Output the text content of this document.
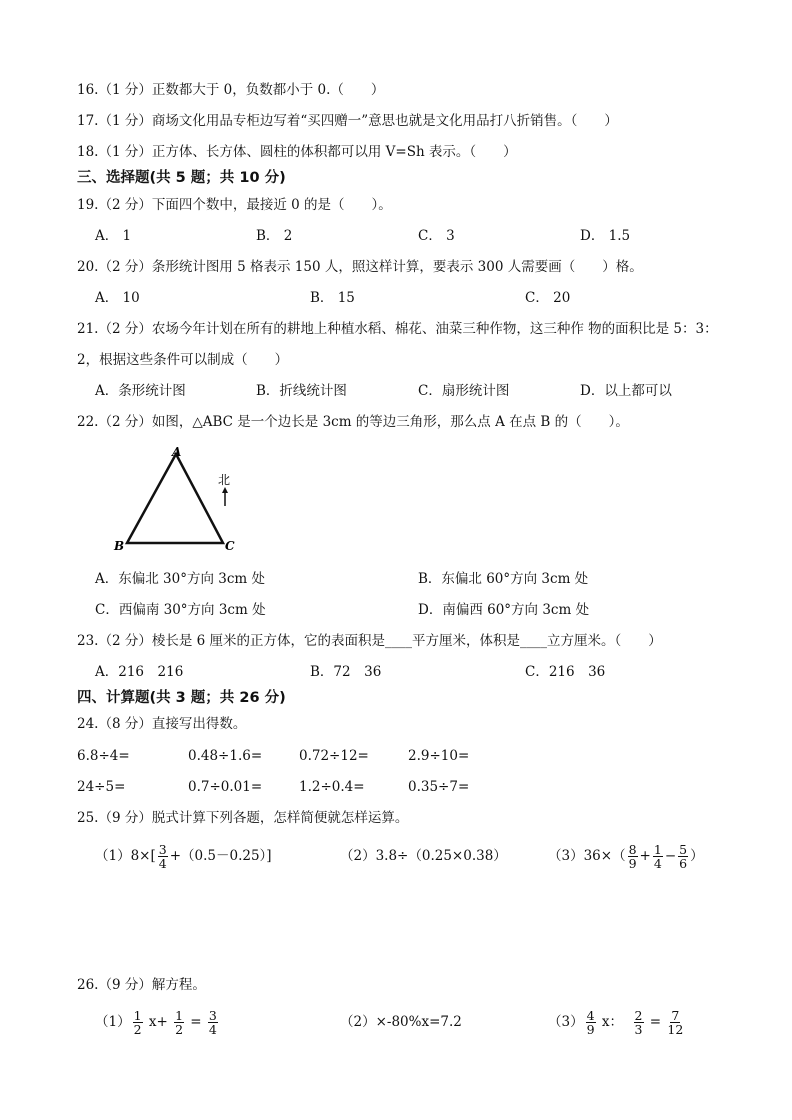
16.（1 分）正数都大于 0，负数都小于 0.（　　）
17.（1 分）商场文化用品专柜边写着“买四赠一”意思也就是文化用品打八折销售。（　　）
18.（1 分）正方体、长方体、圆柱的体积都可以用 V=Sh 表示。（　　）
三、选择题(共 5 题；共 10 分)
19.（2 分）下面四个数中，最接近 0 的是（　　）。
A． 1	B． 2	C． 3	D． 1.5
20.（2 分）条形统计图用 5 格表示 150 人，照这样计算，要表示 300 人需要画（　　）格。
A． 10	B． 15	C． 20
21.（2 分）农场今年计划在所有的耕地上种植水稻、棉花、油菜三种作物，这三种作 物的面积比是 5：3：
2，根据这些条件可以制成（　　）
A．条形统计图	B．折线统计图	C．扇形统计图	D．以上都可以
22.（2 分）如图，△ABC 是一个边长是 3cm 的等边三角形，那么点 A 在点 B 的（　　）。
A
B	C
北
A．东偏北 30°方向 3cm 处	B．东偏北 60°方向 3cm 处
C．西偏南 30°方向 3cm 处	D．南偏西 60°方向 3cm 处
23.（2 分）棱长是 6 厘米的正方体，它的表面积是____平方厘米，体积是____立方厘米。（　　）
A．216　216	B．72　36	C．216　36
四、计算题(共 3 题；共 26 分)
24.（8 分）直接写出得数。
6.8÷4=	0.48÷1.6=	0.72÷12=	2.9÷10=
24÷5=	0.7÷0.01=	1.2÷0.4=	0.35÷7=
25.（9 分）脱式计算下列各题，怎样简便就怎样运算。
$(1)8\times[ \frac{3}{4} +(0.5-0.25)]$	（2）3.8÷（0.25×0.38）	$(3)36\times( \frac{8}{9} + \frac{1}{4} - \frac{5}{6}$ ）
26.（9 分）解方程。
$(1) \frac{1}{2} x+ \frac{1}{2} = \frac{3}{4}$	（2）×-80%x=7.2	$(3) \frac{4}{9}$ x： $\frac{2}{3} = \frac{7}{12}$
